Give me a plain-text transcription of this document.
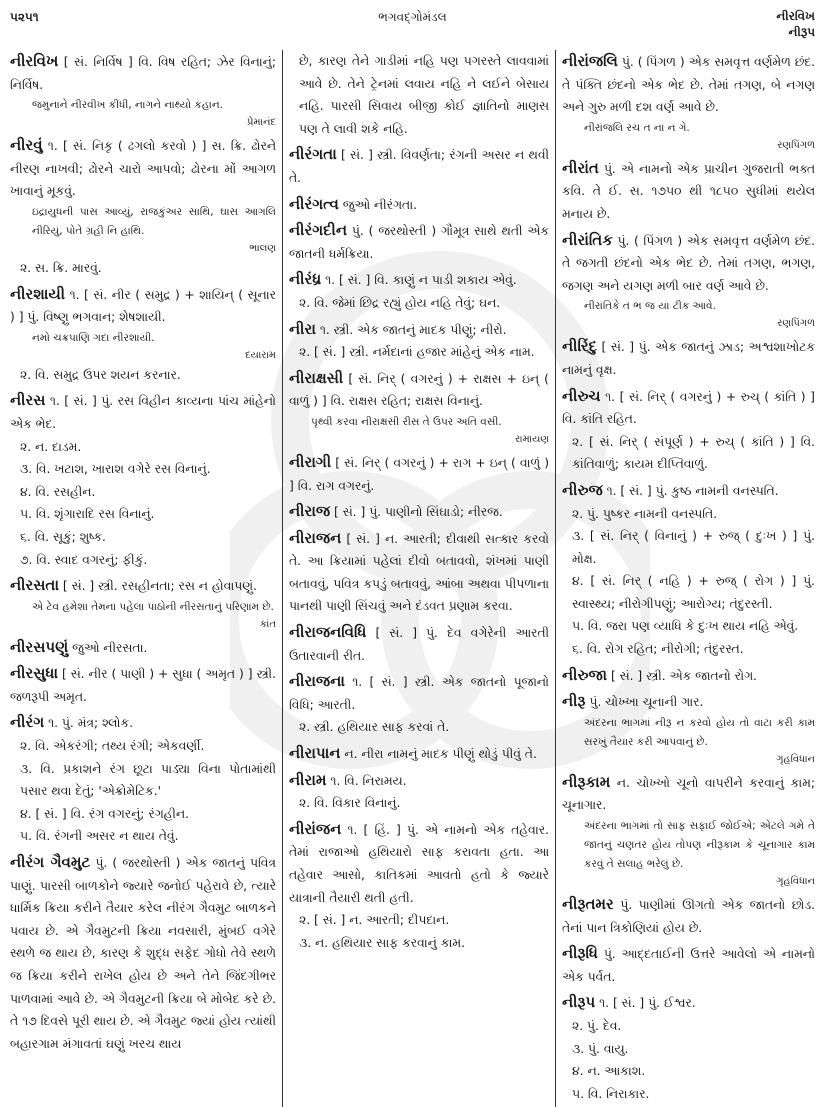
૫૨૫૧	ભગવદ્ગોમંડલ	નીરવિખ
નીરૂપ
નીરવિખ [ સં. નિર્વિષ ] વિ. વિષ રહિત; ઝેર વિનાનું; નિર્વિષ.
જમુનાને નીરવીખ કીધી, નાગને નાથ્યો કહાન.
પ્રેમાનંદ
નીરવું ૧. [ સં. નિકૃ ( ઢગલો કરવો ) ] સ. ક્રિ. ઢોરને નીરણ નાખવી; ઢોરને ચારો આપવો; ઢોરના મોં આગળ ખાવાનું મૂકવું.
ઇદ્રાયુધની પાસ આવ્યું, રાજકુંઅર સાથિ, ઘાસ આગલિ નીરિયું, પોતે ગ્રહી નિ હાથિ.
ભાલણ
૨. સ. ક્રિ. મારવું.
નીરશાયી ૧. [ સં. નીર ( સમુદ્ર ) + શાયિન્ ( સૂનાર ) ] પું. વિષ્ણુ ભગવાન; શેષશાયી.
નમો ચક્રપાણિ ગદા નીરશાયી.
દયારામ
૨. વિ. સમુદ્ર ઉપર શયન કરનાર.
નીરસ ૧. [ સં. ] પું. રસ વિહીન કાવ્યના પાંચ માંહેનો એક ભેદ.
૨. ન. દાડમ.
૩. વિ. ખટાશ, ખારાશ વગેરે રસ વિનાનું.
૪. વિ. રસહીન.
૫. વિ. શૃંગારાદિ રસ વિનાનું.
૬. વિ. સૂકું; શુષ્ક.
૭. વિ. સ્વાદ વગરનું; ફીકું.
નીરસતા [ સં. ] સ્ત્રી. રસહીનતા; રસ ન હોવાપણું.
એ ટેવ હમેશા તેમના પહેલા પાઠોની નીરસતાનું પરિણામ છે.
કાંત
નીરસપણું જુઓ નીરસતા.
નીરસુધા [ સં. નીર ( પાણી ) + સુધા ( અમૃત ) ] સ્ત્રી. જળરૂપી અમૃત.
નીરંગ ૧. પું. મંત્ર; શ્લોક.
૨. વિ. એકરંગી; તથ્ય રંગી; એકવર્ણી.
૩. વિ. પ્રકાશને રંગ છૂટા પાડ્યા વિના પોતામાંથી પસાર થવા દેતું; 'એક્રોમેટિક.'
૪. [ સં. ] વિ. રંગ વગરનું; રંગહીન.
૫. વિ. રંગની અસર ન થાય તેવું.
નીરંગ ગૈવમુટ પું. ( જરથોસ્તી ) એક જાતનું પવિત્ર પાણું. પારસી બાળકોને જ્યારે જનોઈ પહેરાવે છે, ત્યારે ધાર્મિક ક્રિયા કરીને તૈયાર કરેલ નીરંગ ગૈવમુટ બાળકને પવાય છે. એ ગૈવમુટની ક્રિયા નવસારી, મુંબઈ વગેરે સ્થળે જ થાય છે, કારણ કે શુદ્ધ સફેદ ગોધો તેવે સ્થળે જ ક્રિયા કરીને રાખેલ હોય છે અને તેને જિંદગીભર પાળવામાં આવે છે. એ ગૈવમુટની ક્રિયા બે મોબેદ કરે છે. તે ૧૭ દિવસે પૂરી થાય છે. એ ગૈવમુટ જ્યાં હોય ત્યાંથી બહારગામ મંગાવતાં ઘણું ખરચ થાય
છે, કારણ તેને ગાડીમાં નહિ પણ પગરસ્તે લાવવામાં આવે છે. તેને ટ્રેનમાં લવાય નહિ ને લઈને બેસાય નહિ. પારસી સિવાય બીજી કોઈ જ્ઞાતિનો માણસ પણ તે લાવી શકે નહિ.
નીરંગતા [ સં. ] સ્ત્રી. વિવર્ણતા; રંગની અસર ન થવી તે.
નીરંગત્વ જુઓ નીરંગતા.
નીરંગદીન પું. ( જરથોસ્તી ) ગૌમૂત્ર સાથે થતી એક જાતની ધર્મક્રિયા.
નીરંધ્ર ૧. [ સં. ] વિ. કાણું ન પાડી શકાય એવું.
૨. વિ. જેમાં છિદ્ર રહ્યું હોય નહિ તેવું; ઘન.
નીરા ૧. સ્ત્રી. એક જાતનું માદક પીણું; નીરો.
૨. [ સં. ] સ્ત્રી. નર્મદાનાં હજાર માંહેનું એક નામ.
નીરાક્ષસી [ સં. નિર્ ( વગરનું ) + રાક્ષસ + ઇન્ ( વાળું ) ] વિ. રાક્ષસ રહિત; રાક્ષસ વિનાનું.
પૃથ્વી કરવા નીરાક્ષસી રીસ તે ઉપર અતિ વસી.
રામાયણ
નીરાગી [ સં. નિર્ ( વગરનું ) + રાગ + ઇન્ ( વાળું ) ] વિ. રાગ વગરનું.
નીરાજ [ સં. ] પું. પાણીનો સિંઘાડો; નીરજ.
નીરાજન [ સં. ] ન. આરતી; દીવાથી સત્કાર કરવો તે. આ ક્રિયામાં પહેલાં દીવો બતાવવો, શંખમાં પાણી બતાવવું, પવિત્ર કપડું બતાવવું, આંબા અથવા પીપળાના પાનથી પાણી સિંચવું અને દંડવત પ્રણામ કરવા.
નીરાજનવિધિ [ સં. ] પું. દેવ વગેરેની આરતી ઉતારવાની રીત.
નીરાજના ૧. [ સં. ] સ્ત્રી. એક જાતનો પૂજાનો વિધિ; આરતી.
૨. સ્ત્રી. હથિયાર સાફ કરવાં તે.
નીરાપાન ન. નીરા નામનું માદક પીણું થોડું પીવું તે.
નીરામ ૧. વિ. નિરામય.
૨. વિ. વિકાર વિનાનું.
નીરાંજન ૧. [ હિં. ] પું. એ નામનો એક તહેવાર. તેમાં રાજાઓ હથિયારો સાફ કરાવતા હતા. આ તહેવાર આસો, કાતિકમાં આવતો હતો કે જ્યારે યાત્રાની તૈયારી થતી હતી.
૨. [ સં. ] ન. આરતી; દીપદાન.
૩. ન. હથિયાર સાફ કરવાનું કામ.
નીરાંજલિ પું. ( પિંગળ ) એક સમવૃત્ત વર્ણમેળ છંદ. તે પંક્તિ છંદનો એક ભેદ છે. તેમાં તગણ, બે નગણ અને ગુરુ મળી દશ વર્ણ આવે છે.
નીરાંજલિ રચ ત ના ન ગે.
રણપિંગળ
નીરાંત પું. એ નામનો એક પ્રાચીન ગુજરાતી ભક્ત કવિ. તે ઈ. સ. ૧૭૫૦ થી ૧૮૫૦ સુધીમાં થયેલ મનાય છે.
નીરાંતિક પું. ( પિંગળ ) એક સમવૃત્ત વર્ણમેળ છંદ. તે જગતી છંદનો એક ભેદ છે. તેમાં તગણ, ભગણ, જગણ અને યગણ મળી બાર વર્ણ આવે છે.
નીરાંતિકે ત ભ જ યા ટીક આવે.
રણપિંગળ
નીરિંદુ [ સં. ] પું. એક જાતનું ઝાડ; અશ્વશાખોટક નામનું વૃક્ષ.
નીરુચ ૧. [ સં. નિર્ ( વગરનું ) + રુચ્ ( કાંતિ ) ] વિ. કાંતિ રહિત.
૨. [ સં. નિર્ ( સંપૂર્ણ ) + રુચ્ ( કાંતિ ) ] વિ. કાંતિવાળું; કાયમ દીપ્તિવાળું.
નીરુજ ૧. [ સં. ] પું. કુષ્ઠ નામની વનસ્પતિ.
૨. પું. પુષ્કર નામની વનસ્પતિ.
૩. [ સં. નિર્ ( વિનાનું ) + રુજ્ ( દુઃખ ) ] પું. મોક્ષ.
૪. [ સં. નિર્ ( નહિ ) + રુજ્ ( રોગ ) ] પું. સ્વાસ્થ્ય; નીરોગીપણું; આરોગ્ય; તંદુરસ્તી.
૫. વિ. જરા પણ વ્યાધિ કે દુઃખ થાય નહિ એવું.
૬. વિ. રોગ રહિત; નીરોગી; તંદુરસ્ત.
નીરુજા [ સં. ] સ્ત્રી. એક જાતનો રોગ.
નીરૂ પું. ચોખ્ખા ચૂનાની ગાર.
અંદરના ભાગમાં નીરૂ ન કરવો હોય તો વાટા કરી કામ સરખું તૈયાર કરી આપવાનું છે.
ગૃહવિધાન
નીરૂકામ ન. ચોખ્ખો ચૂનો વાપરીને કરવાનું કામ; ચૂનાગાર.
અંદરના ભાગમાં તો સાફ સફાઈ જોઈએ; એટલે ગમે તે જાતનું ચણતર હોય તોપણ નીરૂકામ કે ચૂનાગાર કામ કરવું તે સલાહ ભરેલું છે.
ગૃહવિધાન
નીરૂતમર પું. પાણીમાં ઊગતો એક જાતનો છોડ. તેનાં પાન ત્રિકોણિયાં હોય છે.
નીરૂધિ પું. આદ્દતાઈની ઉત્તરે આવેલો એ નામનો એક પર્વત.
નીરૂપ ૧. [ સં. ] પું. ઈશ્વર.
૨. પું. દેવ.
૩. પું. વાયુ.
૪. ન. આકાશ.
૫. વિ. નિરાકાર.
